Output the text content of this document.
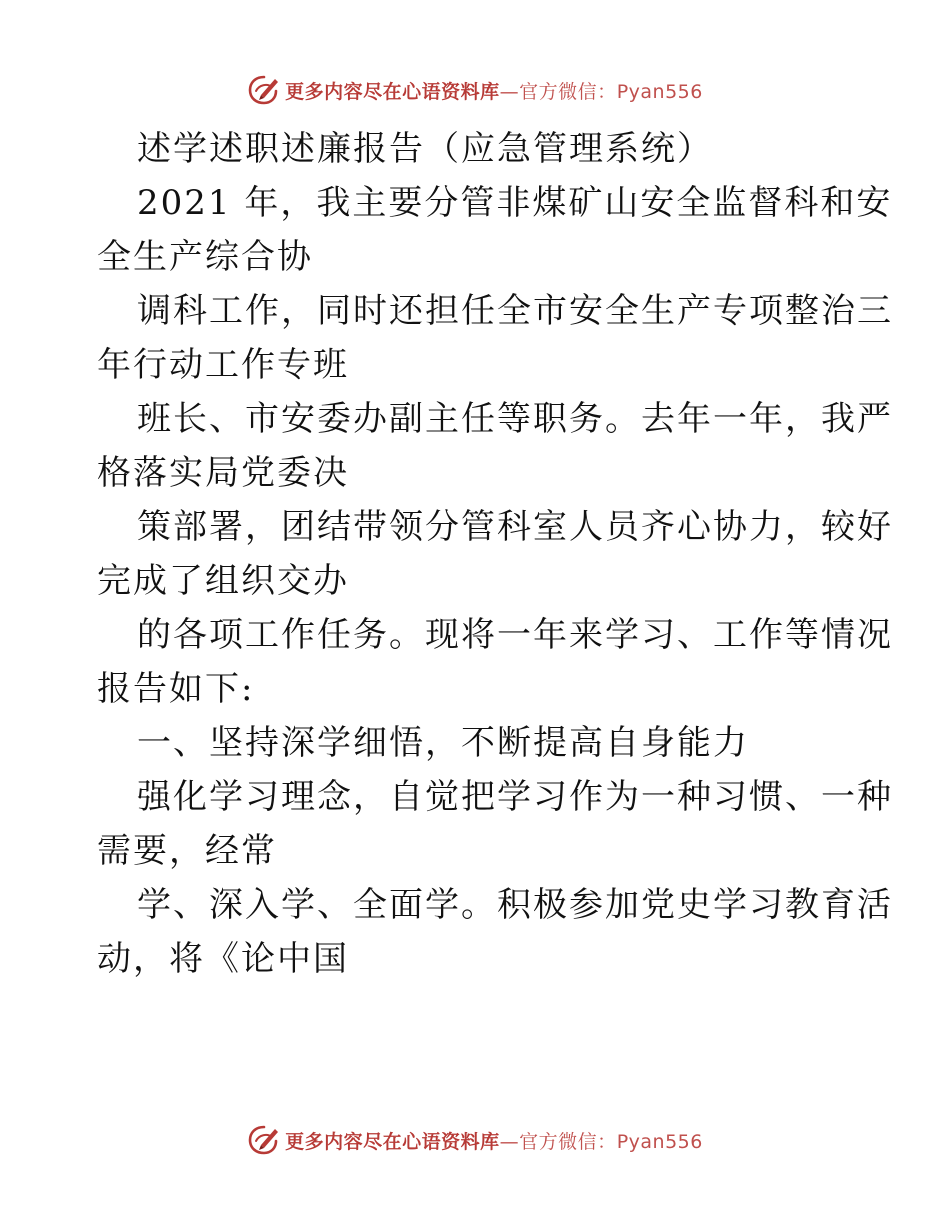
更多内容尽在心语资料库—官方微信：Pyan556
述学述职述廉报告（应急管理系统）
2021 年，我主要分管非煤矿山安全监督科和安
全生产综合协
调科工作，同时还担任全市安全生产专项整治三
年行动工作专班
班长、市安委办副主任等职务。去年一年，我严
格落实局党委决
策部署，团结带领分管科室人员齐心协力，较好
完成了组织交办
的各项工作任务。现将一年来学习、工作等情况
报告如下:
一、坚持深学细悟，不断提高自身能力
强化学习理念，自觉把学习作为一种习惯、一种
需要，经常
学、深入学、全面学。积极参加党史学习教育活
动，将《论中国
更多内容尽在心语资料库—官方微信：Pyan556
